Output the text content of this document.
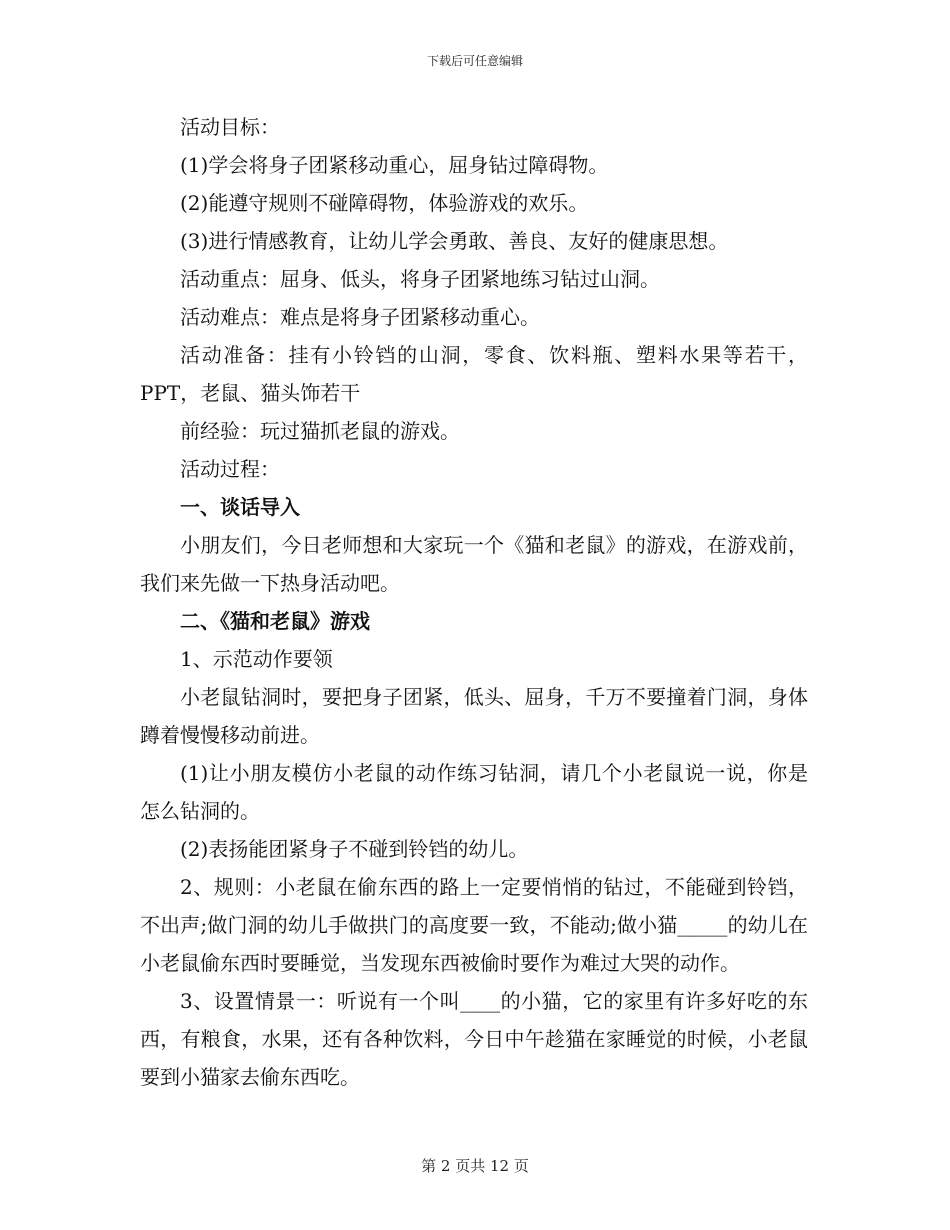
下载后可任意编辑

活动目标：

(1)学会将身子团紧移动重心，屈身钻过障碍物。

(2)能遵守规则不碰障碍物，体验游戏的欢乐。

(3)进行情感教育，让幼儿学会勇敢、善良、友好的健康思想。

活动重点：屈身、低头，将身子团紧地练习钻过山洞。

活动难点：难点是将身子团紧移动重心。

活动准备：挂有小铃铛的山洞，零食、饮料瓶、塑料水果等若干，PPT，老鼠、猫头饰若干

前经验：玩过猫抓老鼠的游戏。

活动过程：

一、谈话导入

小朋友们，今日老师想和大家玩一个《猫和老鼠》的游戏，在游戏前，我们来先做一下热身活动吧。

二、《猫和老鼠》游戏

1、示范动作要领

小老鼠钻洞时，要把身子团紧，低头、屈身，千万不要撞着门洞，身体蹲着慢慢移动前进。

(1)让小朋友模仿小老鼠的动作练习钻洞，请几个小老鼠说一说，你是怎么钻洞的。

(2)表扬能团紧身子不碰到铃铛的幼儿。

2、规则：小老鼠在偷东西的路上一定要悄悄的钻过，不能碰到铃铛，不出声;做门洞的幼儿手做拱门的高度要一致，不能动;做小猫_____的幼儿在小老鼠偷东西时要睡觉，当发现东西被偷时要作为难过大哭的动作。

3、设置情景一：听说有一个叫____的小猫，它的家里有许多好吃的东西，有粮食，水果，还有各种饮料，今日中午趁猫在家睡觉的时候，小老鼠要到小猫家去偷东西吃。

第 2 页共 12 页
